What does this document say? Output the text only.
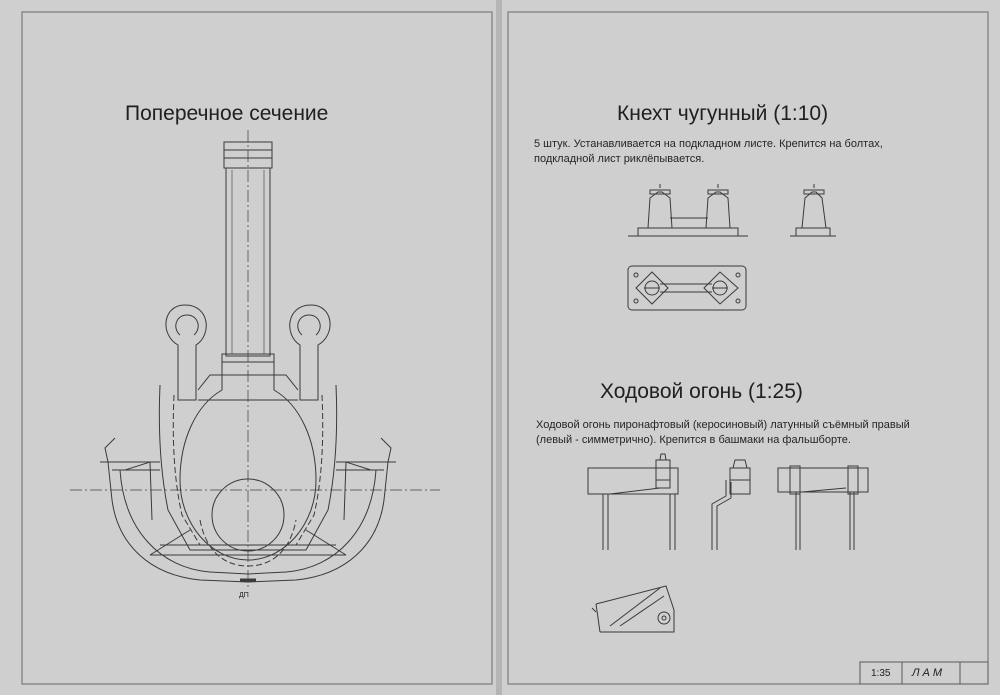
Поперечное сечение
ДП
Кнехт чугунный (1:10)
5 штук. Устанавливается на подкладном листе. Крепится на болтах,
подкладной лист риклёпывается.
Ходовой огонь (1:25)
Ходовой огонь пиронафтовый (керосиновый) латунный съёмный правый
(левый - симметрично). Крепится в башмаки на фальшборте.
1:35 ЛАМ
